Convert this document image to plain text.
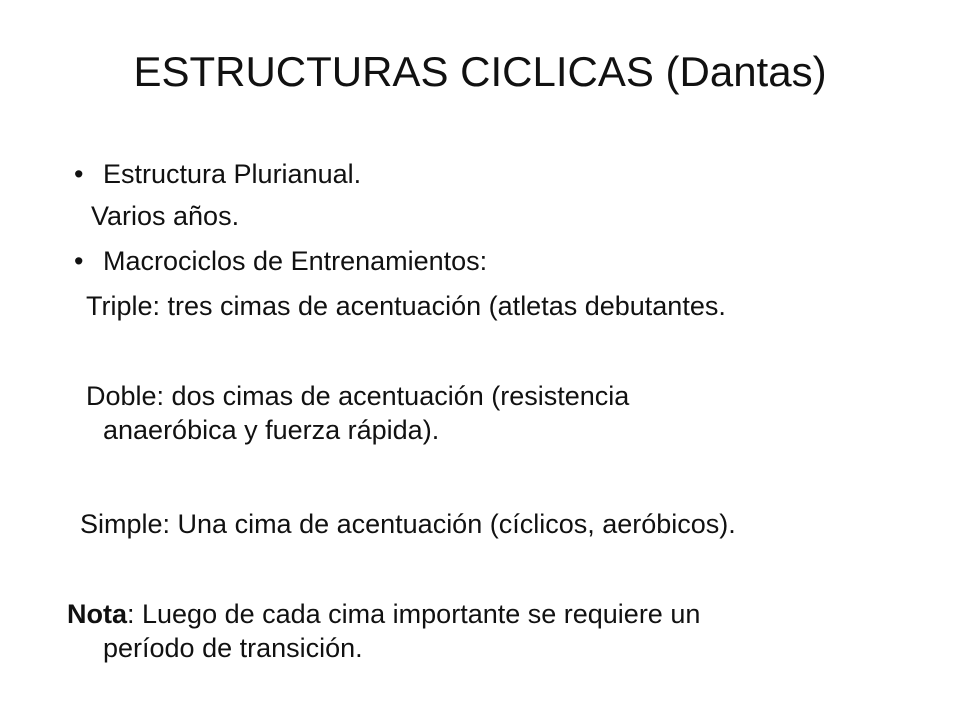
ESTRUCTURAS CICLICAS (Dantas)
• Estructura Plurianual.
Varios años.
• Macrociclos de Entrenamientos:
Triple: tres cimas de acentuación (atletas debutantes.
Doble: dos cimas de acentuación (resistencia
anaeróbica y fuerza rápida).
Simple: Una cima de acentuación (cíclicos, aeróbicos).
Nota: Luego de cada cima importante se requiere un
período de transición.
